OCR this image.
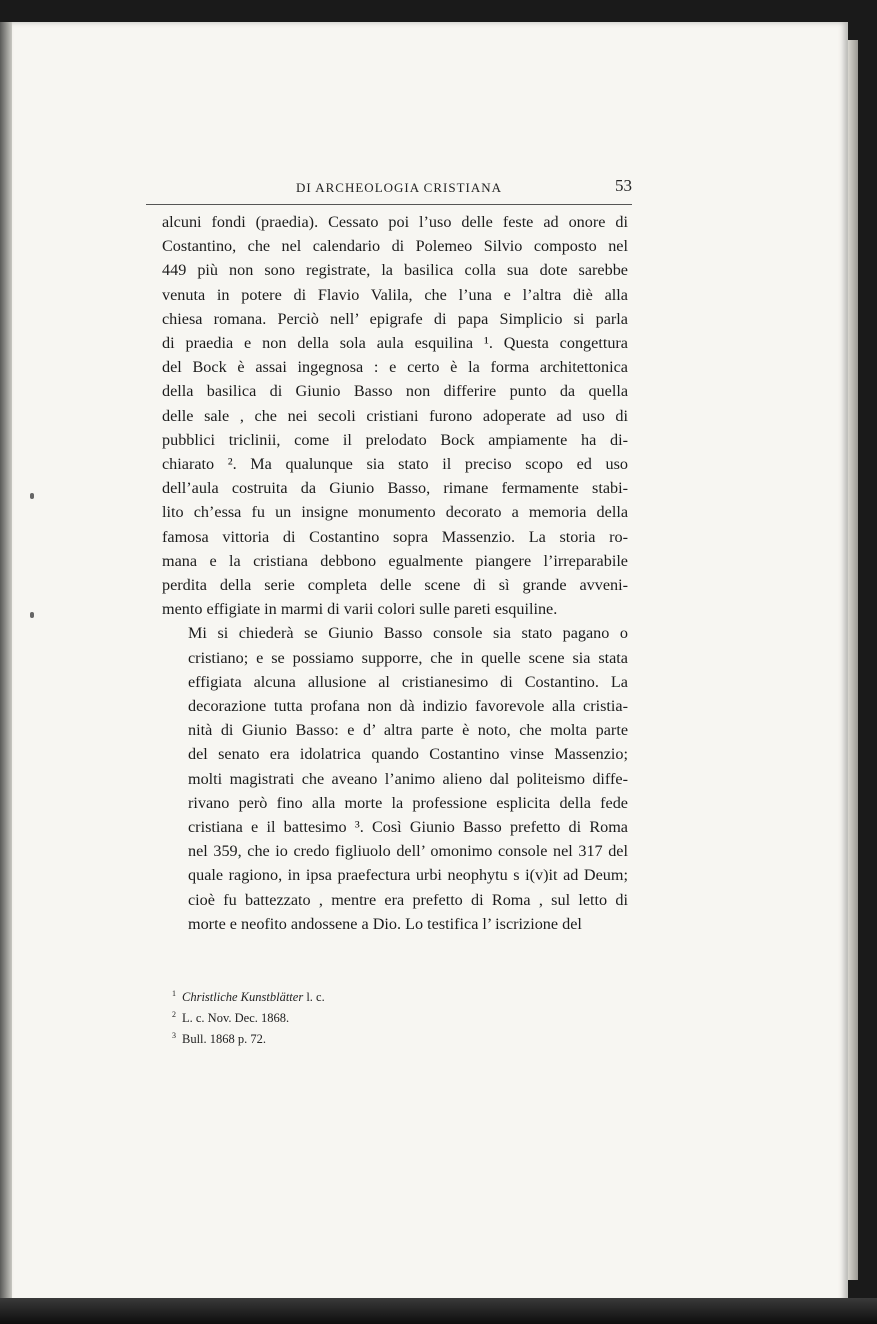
DI ARCHEOLOGIA CRISTIANA	53

alcuni fondi (praedia). Cessato poi l’uso delle feste ad onore di
Costantino, che nel calendario di Polemeo Silvio composto nel
449 più non sono registrate, la basilica colla sua dote sarebbe
venuta in potere di Flavio Valila, che l’una e l’altra diè alla
chiesa romana. Perciò nell’ epigrafe di papa Simplicio si parla
di praedia e non della sola aula esquilina ¹. Questa congettura
del Bock è assai ingegnosa : e certo è la forma architettonica
della basilica di Giunio Basso non differire punto da quella
delle sale , che nei secoli cristiani furono adoperate ad uso di
pubblici triclinii, come il prelodato Bock ampiamente ha di-
chiarato ². Ma qualunque sia stato il preciso scopo ed uso
dell’aula costruita da Giunio Basso, rimane fermamente stabi-
lito ch’essa fu un insigne monumento decorato a memoria della
famosa vittoria di Costantino sopra Massenzio. La storia ro-
mana e la cristiana debbono egualmente piangere l’irreparabile
perdita della serie completa delle scene di sì grande avveni-
mento effigiate in marmi di varii colori sulle pareti esquiline.

Mi si chiederà se Giunio Basso console sia stato pagano o
cristiano; e se possiamo supporre, che in quelle scene sia stata
effigiata alcuna allusione al cristianesimo di Costantino. La
decorazione tutta profana non dà indizio favorevole alla cristia-
nità di Giunio Basso: e d’ altra parte è noto, che molta parte
del senato era idolatrica quando Costantino vinse Massenzio;
molti magistrati che aveano l’animo alieno dal politeismo diffe-
rivano però fino alla morte la professione esplicita della fede
cristiana e il battesimo ³. Così Giunio Basso prefetto di Roma
nel 359, che io credo figliuolo dell’ omonimo console nel 317 del
quale ragiono, in ipsa praefectura urbi neophytu s i(v)it ad Deum;
cioè fu battezzato , mentre era prefetto di Roma , sul letto di
morte e neofito andossene a Dio. Lo testifica l’ iscrizione del

$^1$ Christliche Kunstblätter l. c.
$^2$ L. c. Nov. Dec. 1868.
$^3$ Bull. 1868 p. 72.
